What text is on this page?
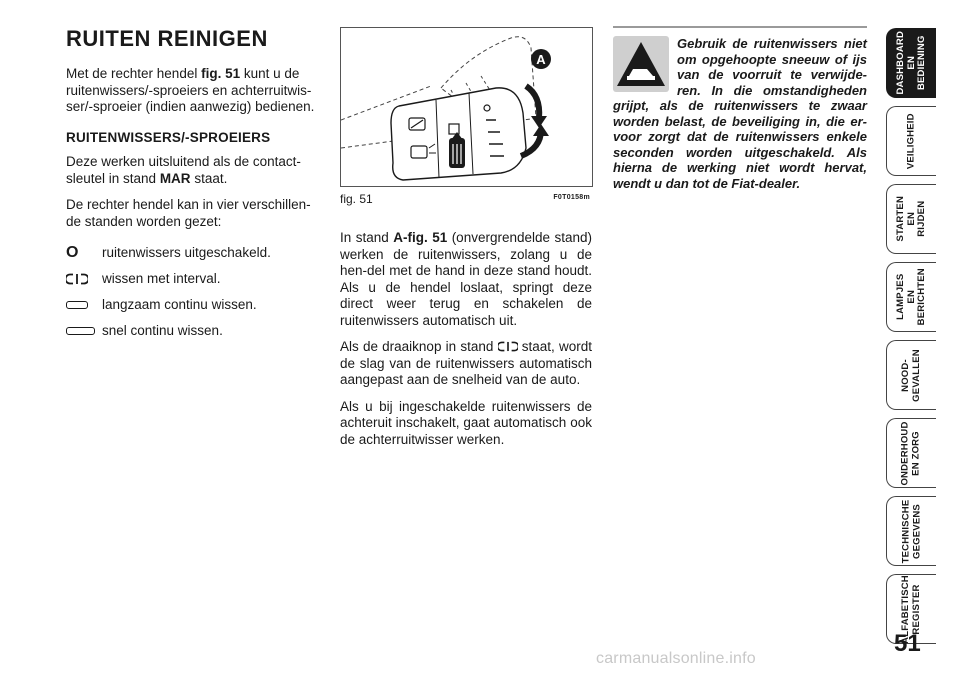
RUITEN REINIGEN

Met de rechter hendel fig. 51 kunt u de ruitenwissers/-sproeiers en achterruitwis-ser/-sproeier (indien aanwezig) bedienen.

RUITENWISSERS/-SPROEIERS

Deze werken uitsluitend als de contact-sleutel in stand MAR staat.

De rechter hendel kan in vier verschillen-de standen worden gezet:

O ruitenwissers uitgeschakeld.
wissen met interval.
langzaam continu wissen.
snel continu wissen.
A
fig. 51	F0T0158m

In stand A-fig. 51 (onvergrendelde stand) werken de ruitenwissers, zolang u de hen-del met de hand in deze stand houdt. Als u de hendel loslaat, springt deze direct weer terug en schakelen de ruitenwissers automatisch uit.

Als de draaiknop in stand  staat, wordt de slag van de ruitenwissers automatisch aangepast aan de snelheid van de auto.

Als u bij ingeschakelde ruitenwissers de achteruit inschakelt, gaat automatisch ook de achterruitwisser werken.

Gebruik de ruitenwissers niet om opgehoopte sneeuw of ijs van de voorruit te verwijde-ren. In die omstandigheden grijpt, als de ruitenwissers te zwaar worden belast, de beveiliging in, die er-voor zorgt dat de ruitenwissers enkele seconden worden uitgeschakeld. Als hierna de werking niet wordt hervat, wendt u dan tot de Fiat-dealer.
DASHBOARD
EN BEDIENING
VEILIGHEID
STARTEN EN
RIJDEN
LAMPJES EN
BERICHTEN
NOOD-
GEVALLEN
ONDERHOUD
EN ZORG
TECHNISCHE
GEGEVENS
ALFABETISCH
REGISTER
51
carmanualsonline.info
